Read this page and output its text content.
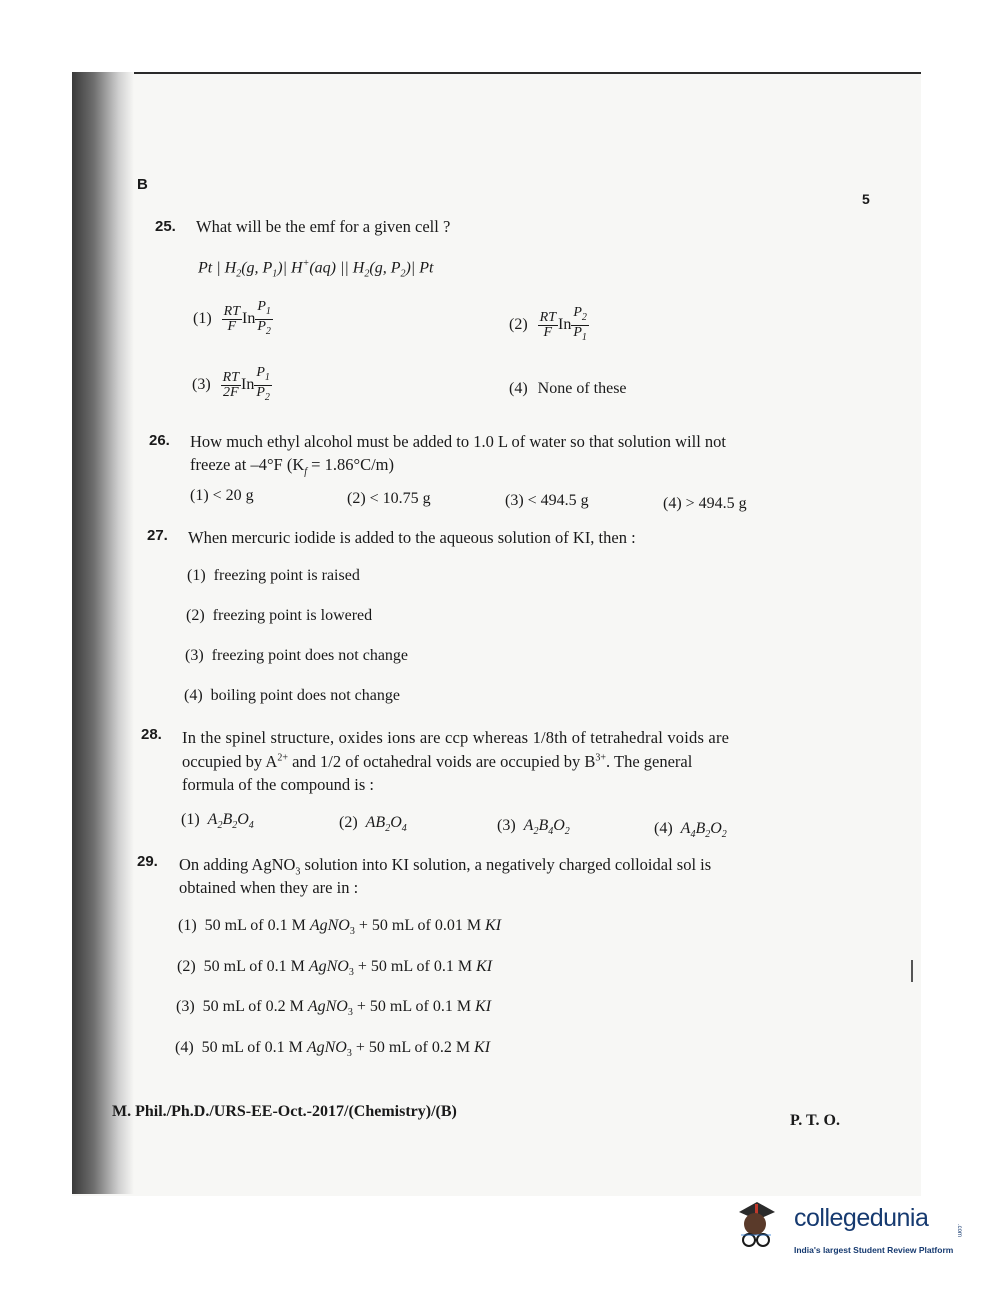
B
5
25. What will be the emf for a given cell ?
Pt | $H_2(g$, $P_1)|$ H+(aq) || $H_2(g$, $P_2)|$ Pt
$(1) \frac{RT}{F}$ In $\frac{P_1}{P_2}$	$(2) \frac{RT}{F}$ In $\frac{P_2}{P_1}$
$(3) \frac{RT}{2F}$ In $\frac{P_1}{P_2}$	(4) None of these
26. How much ethyl alcohol must be added to 1.0 L of water so that solution will not
freeze at –4°F $(K_f = 1.86^\circ C/m)$
(1) < 20 g	(2) < 10.75 g	(3) < 494.5 g	(4) > 494.5 g
27. When mercuric iodide is added to the aqueous solution of KI, then :
(1) freezing point is raised
(2) freezing point is lowered
(3) freezing point does not change
(4) boiling point does not change
28. In the spinel structure, oxides ions are ccp whereas 1/8th of tetrahedral voids are
occupied by $A^{2+}$ and 1/2 of octahedral voids are occupied by $B^{3+}$. The general
formula of the compound is :
(1) $A_2B_2O_4$	(2) $AB_2O_4$	(3) $A_2B_4O_2$	(4) $A_4B_2O_2$
29. On adding AgNO$_3$ solution into KI solution, a negatively charged colloidal sol is
obtained when they are in :
(1) 50 mL of 0.1 M AgNO$_3$ + 50 mL of 0.01 M KI
(2) 50 mL of 0.1 M AgNO$_3$ + 50 mL of 0.1 M KI
(3) 50 mL of 0.2 M AgNO$_3$ + 50 mL of 0.1 M KI
(4) 50 mL of 0.1 M AgNO$_3$ + 50 mL of 0.2 M KI
M. Phil./Ph.D./URS-EE-Oct.-2017/(Chemistry)/(B)
P. T. O.
collegedunia	.com
India's largest Student Review Platform
